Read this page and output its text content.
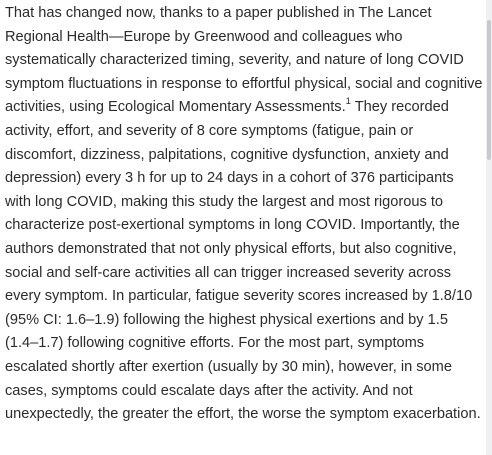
That has changed now, thanks to a paper published in The Lancet Regional Health—Europe by Greenwood and colleagues who systematically characterized timing, severity, and nature of long COVID symptom fluctuations in response to effortful physical, social and cognitive activities, using Ecological Momentary Assessments.$^1$ They recorded activity, effort, and severity of 8 core symptoms (fatigue, pain or discomfort, dizziness, palpitations, cognitive dysfunction, anxiety and depression) every 3 h for up to 24 days in a cohort of 376 participants with long COVID, making this study the largest and most rigorous to characterize post-exertional symptoms in long COVID. Importantly, the authors demonstrated that not only physical efforts, but also cognitive, social and self-care activities all can trigger increased severity across every symptom. In particular, fatigue severity scores increased by 1.8/10 (95% CI: 1.6–1.9) following the highest physical exertions and by 1.5 (1.4–1.7) following cognitive efforts. For the most part, symptoms escalated shortly after exertion (usually by 30 min), however, in some cases, symptoms could escalate days after the activity. And not unexpectedly, the greater the effort, the worse the symptom exacerbation.
